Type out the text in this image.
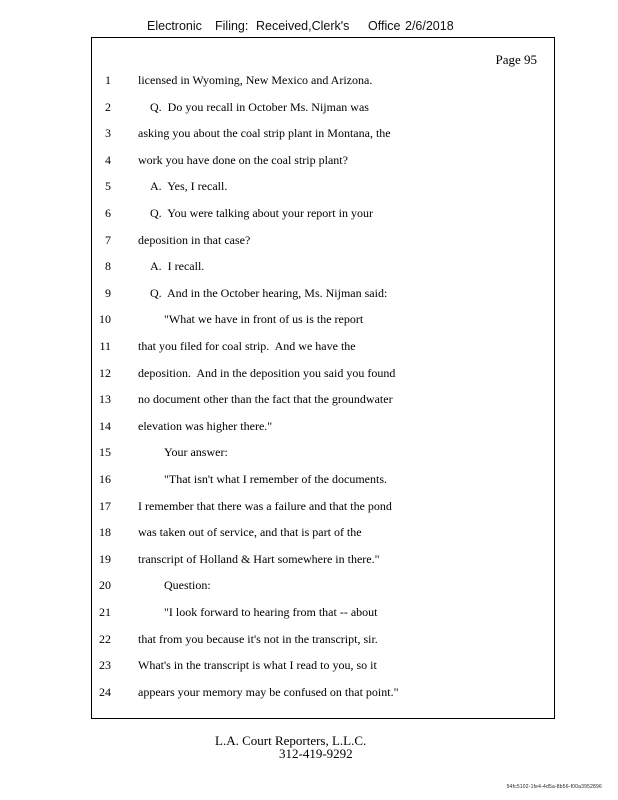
Electronic Filing: Received,Clerk's Office 2/6/2018
Page 95
1 licensed in Wyoming, New Mexico and Arizona.
2	Q.  Do you recall in October Ms. Nijman was
3 asking you about the coal strip plant in Montana, the
4 work you have done on the coal strip plant?
5	A.  Yes, I recall.
6	Q.  You were talking about your report in your
7 deposition in that case?
8	A.  I recall.
9	Q.  And in the October hearing, Ms. Nijman said:
10	"What we have in front of us is the report
11 that you filed for coal strip.  And we have the
12 deposition.  And in the deposition you said you found
13 no document other than the fact that the groundwater
14 elevation was higher there."
15	Your answer:
16	"That isn't what I remember of the documents.
17 I remember that there was a failure and that the pond
18 was taken out of service, and that is part of the
19 transcript of Holland & Hart somewhere in there."
20	Question:
21	"I look forward to hearing from that -- about
22 that from you because it's not in the transcript, sir.
23 What's in the transcript is what I read to you, so it
24 appears your memory may be confused on that point."
L.A. Court Reporters, L.L.C.
312-419-9292
54fc5102-1fe4-4d5a-8b56-f00a3952896
